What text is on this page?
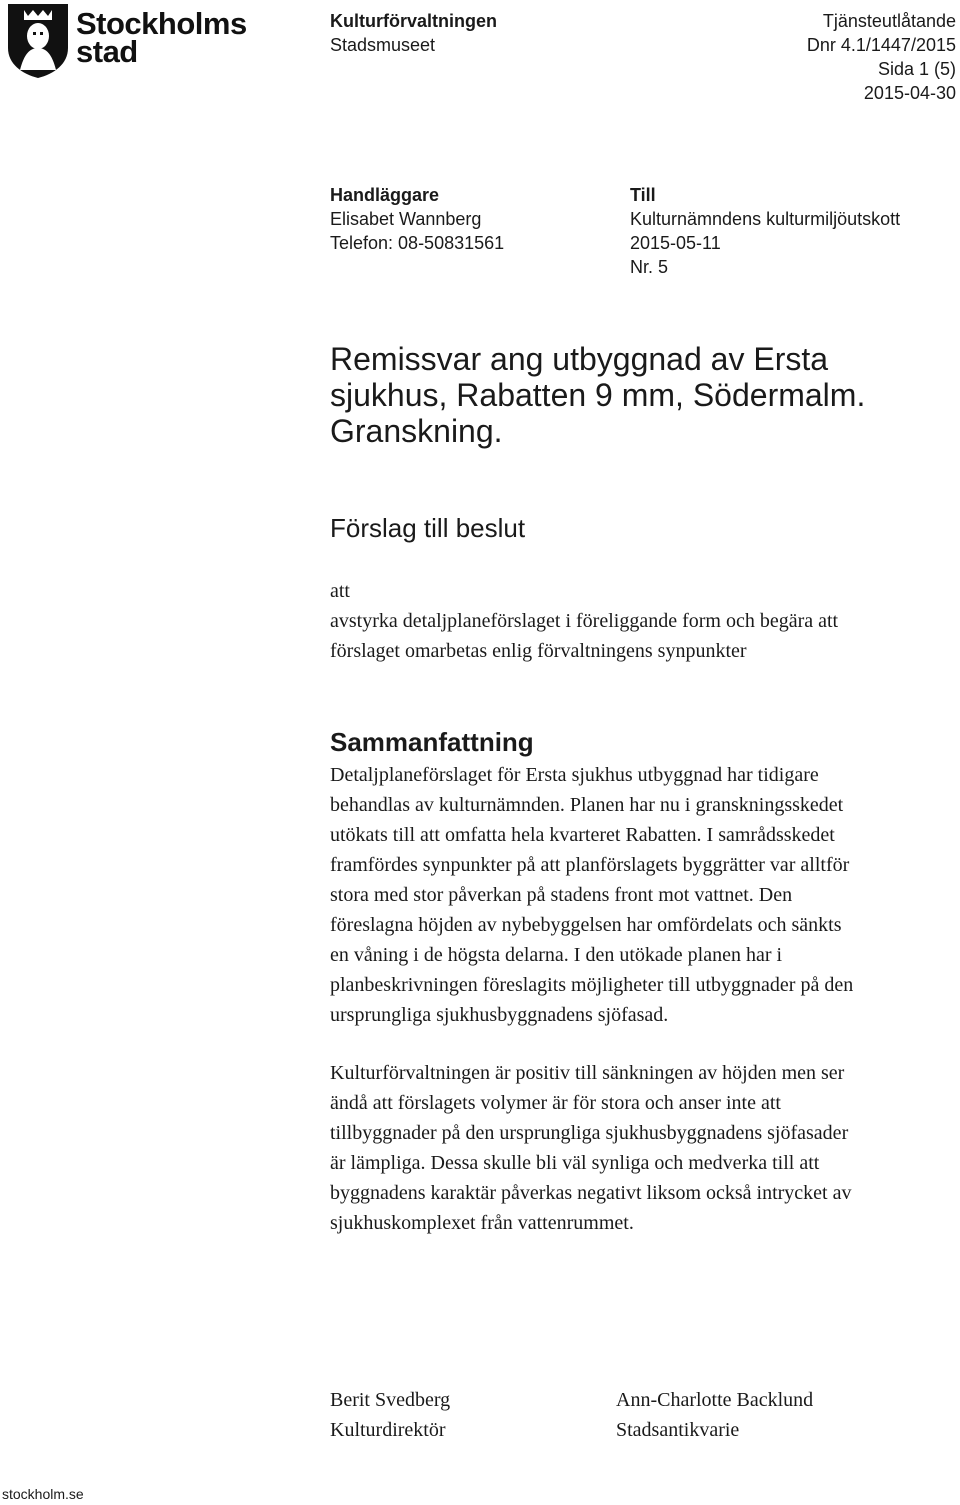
Stockholms
stad
Kulturförvaltningen
Stadsmuseet
Tjänsteutlåtande
Dnr 4.1/1447/2015
Sida 1 (5)
2015-04-30
Handläggare
Elisabet Wannberg
Telefon: 08-50831561
Till
Kulturnämndens kulturmiljöutskott
2015-05-11
Nr. 5
Remissvar ang utbyggnad av Ersta
sjukhus, Rabatten 9 mm, Södermalm.
Granskning.
Förslag till beslut
att
avstyrka detaljplaneförslaget i föreliggande form och begära att
förslaget omarbetas enlig förvaltningens synpunkter
Sammanfattning
Detaljplaneförslaget för Ersta sjukhus utbyggnad har tidigare
behandlas av kulturnämnden. Planen har nu i granskningsskedet
utökats till att omfatta hela kvarteret Rabatten. I samrådsskedet
framfördes synpunkter på att planförslagets byggrätter var alltför
stora med stor påverkan på stadens front mot vattnet. Den
föreslagna höjden av nybebyggelsen har omfördelats och sänkts
en våning i de högsta delarna. I den utökade planen har i
planbeskrivningen föreslagits möjligheter till utbyggnader på den
ursprungliga sjukhusbyggnadens sjöfasad.
Kulturförvaltningen är positiv till sänkningen av höjden men ser
ändå att förslagets volymer är för stora och anser inte att
tillbyggnader på den ursprungliga sjukhusbyggnadens sjöfasader
är lämpliga. Dessa skulle bli väl synliga och medverka till att
byggnadens karaktär påverkas negativt liksom också intrycket av
sjukhuskomplexet från vattenrummet.
Berit Svedberg
Kulturdirektör
Ann-Charlotte Backlund
Stadsantikvarie
stockholm.se
